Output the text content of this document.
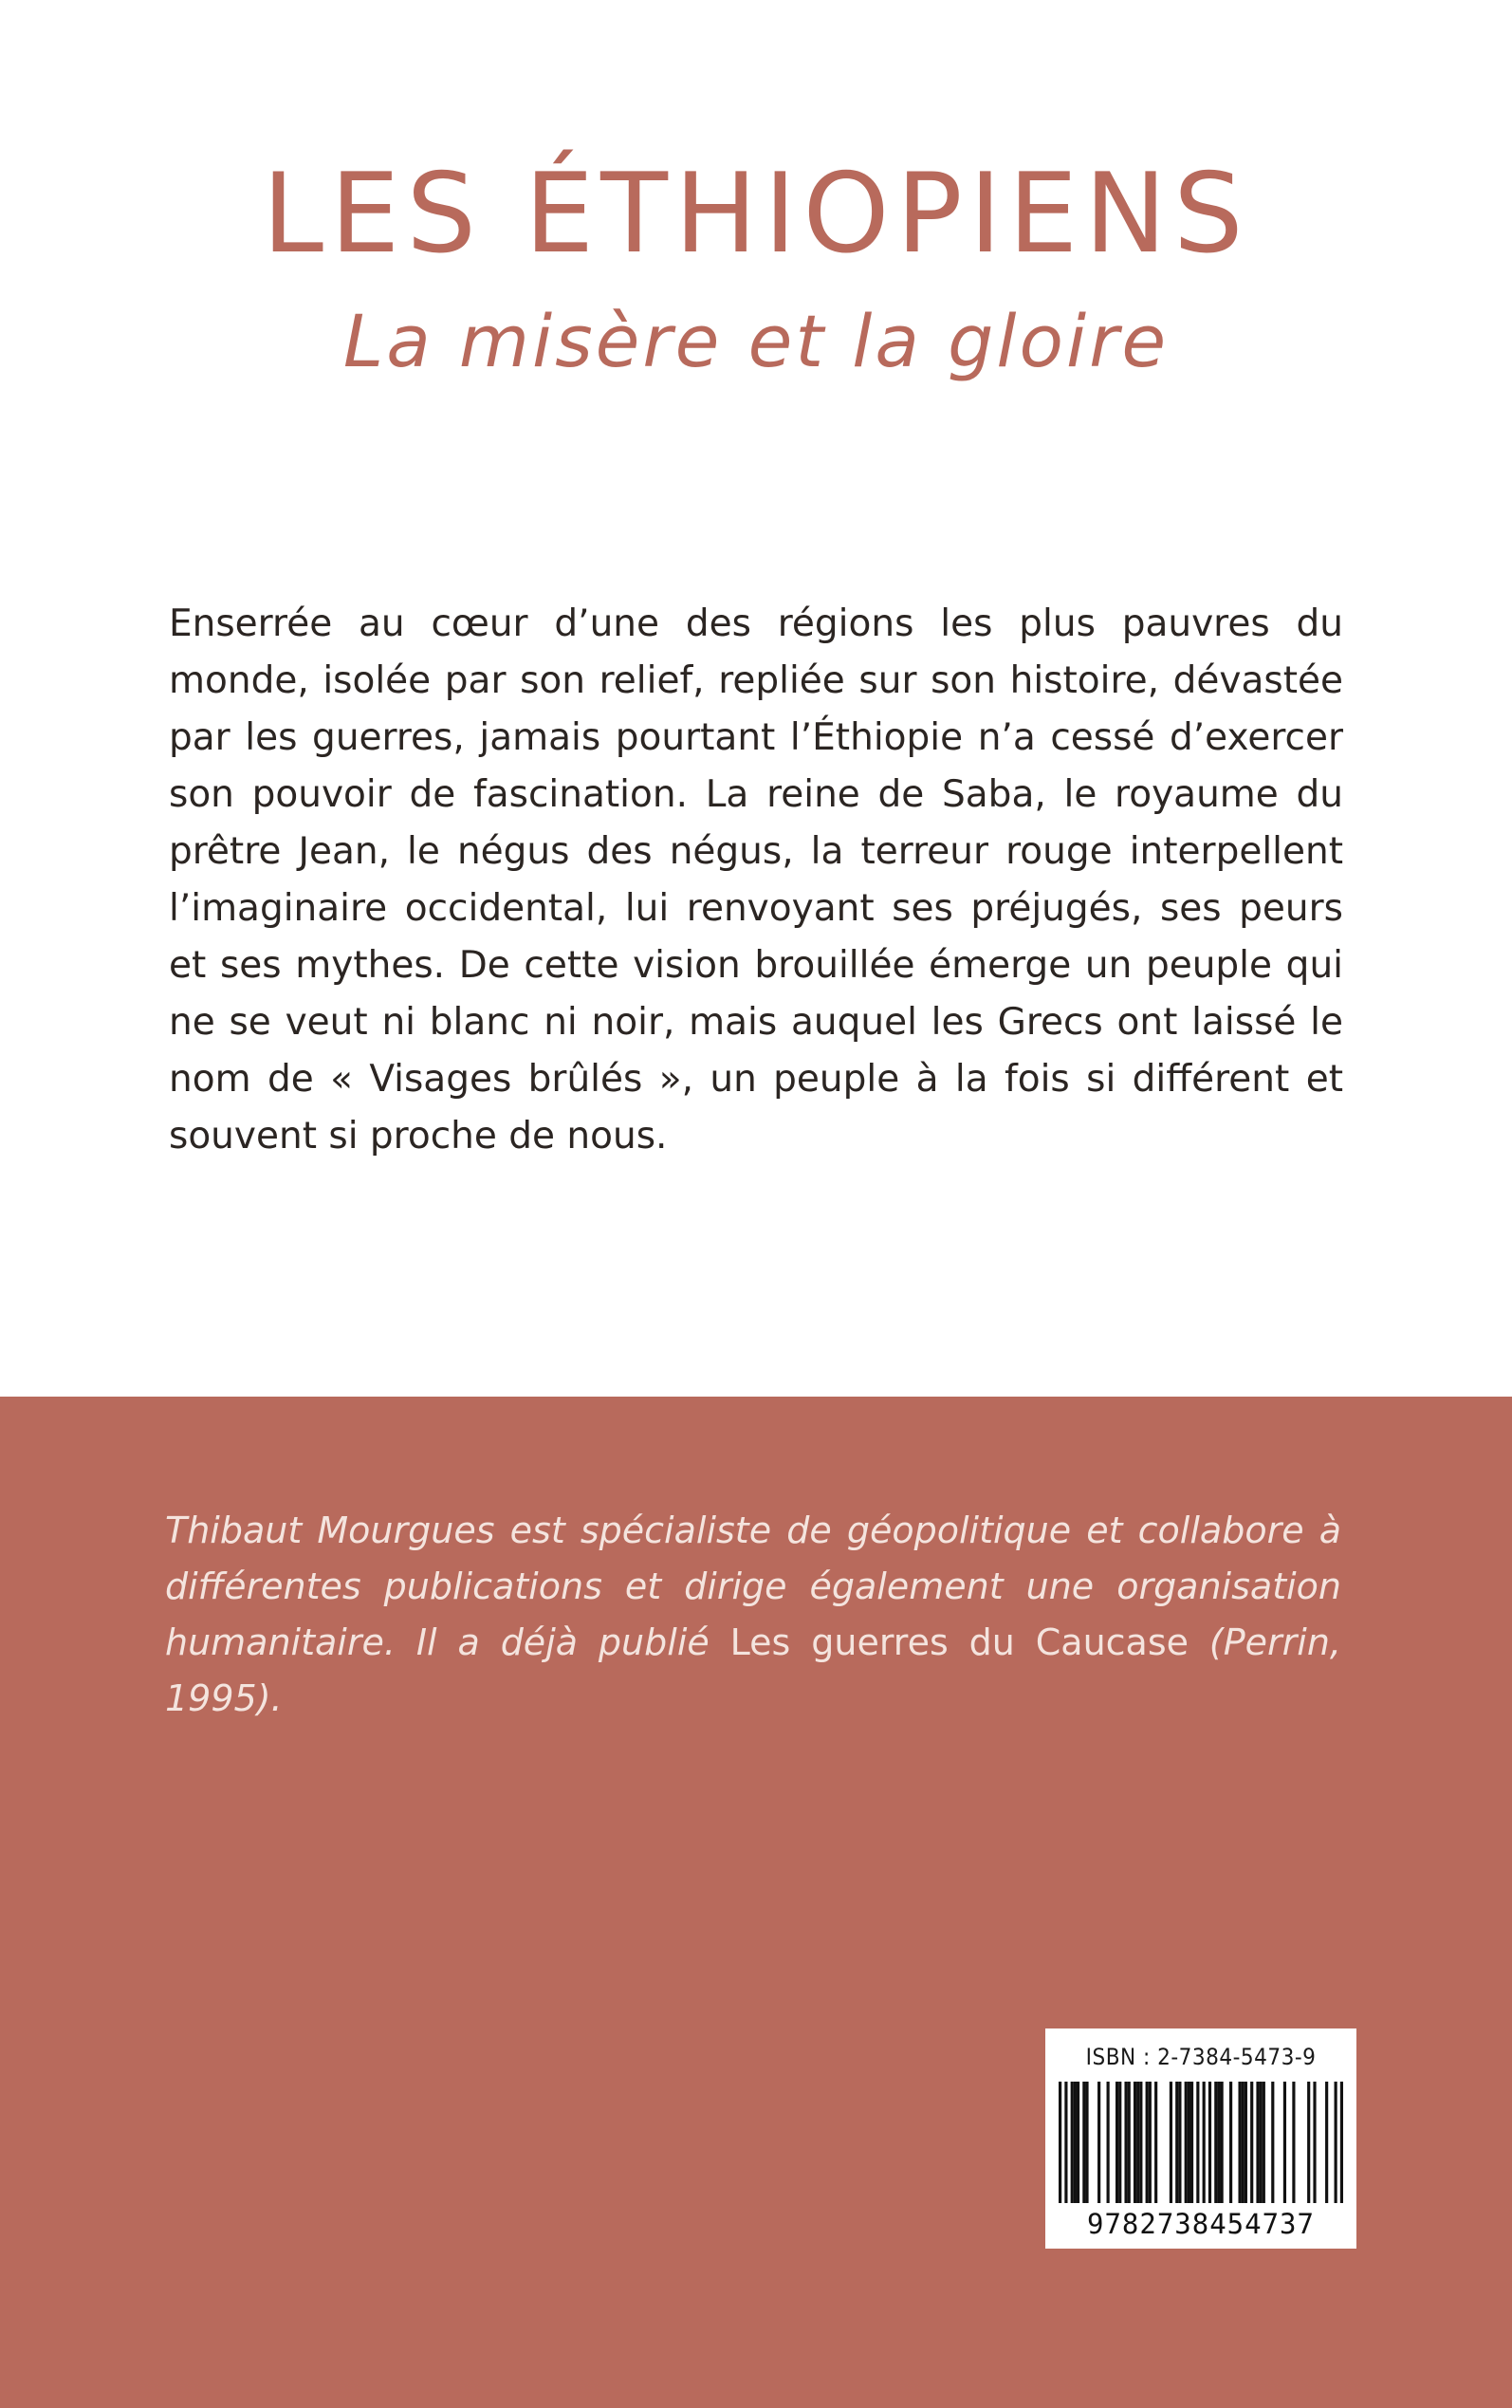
LES ÉTHIOPIENS
La misère et la gloire

Enserrée au cœur d’une des régions les plus pauvres du monde, isolée par son relief, repliée sur son histoire, dévastée par les guerres, jamais pourtant l’Éthiopie n’a cessé d’exercer son pouvoir de fascination. La reine de Saba, le royaume du prêtre Jean, le négus des négus, la terreur rouge interpellent l’imaginaire occidental, lui renvoyant ses préjugés, ses peurs et ses mythes. De cette vision brouillée émerge un peuple qui ne se veut ni blanc ni noir, mais auquel les Grecs ont laissé le nom de « Visages brûlés », un peuple à la fois si différent et souvent si proche de nous.

Thibaut Mourgues est spécialiste de géopolitique et collabore à différentes publications et dirige également une organisation humanitaire. Il a déjà publié Les guerres du Caucase (Perrin, 1995).

ISBN : 2-7384-5473-9
9782738454737
